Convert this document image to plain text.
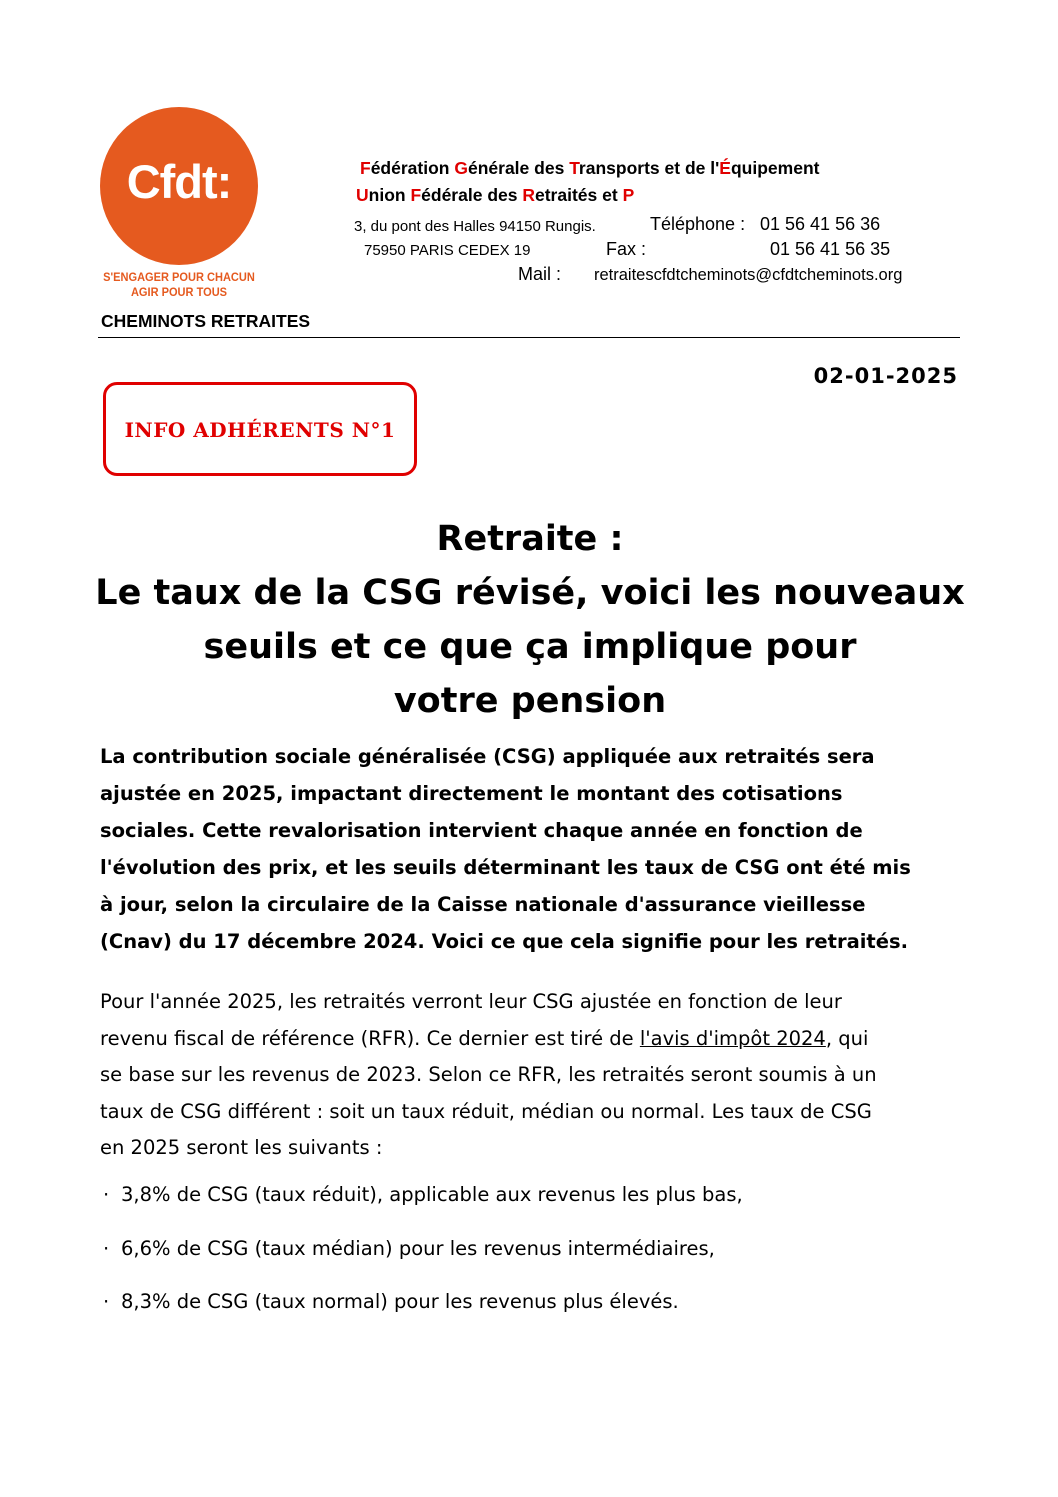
Cfdt:
S'ENGAGER POUR CHACUN
AGIR POUR TOUS
Fédération Générale des Transports et de l'Équipement
Union Fédérale des Retraités et P
3, du pont des Halles 94150 Rungis.	Téléphone : 01 56 41 56 36
75950 PARIS CEDEX 19	Fax :	01 56 41 56 35
Mail : retraitescfdtcheminots@cfdtcheminots.org
CHEMINOTS RETRAITES
02-01-2025
INFO ADHÉRENTS N°1
Retraite :
Le taux de la CSG révisé, voici les nouveaux
seuils et ce que ça implique pour
votre pension
La contribution sociale généralisée (CSG) appliquée aux retraités sera
ajustée en 2025, impactant directement le montant des cotisations
sociales. Cette revalorisation intervient chaque année en fonction de
l'évolution des prix, et les seuils déterminant les taux de CSG ont été mis
à jour, selon la circulaire de la Caisse nationale d'assurance vieillesse
(Cnav) du 17 décembre 2024. Voici ce que cela signifie pour les retraités.
Pour l'année 2025, les retraités verront leur CSG ajustée en fonction de leur
revenu fiscal de référence (RFR). Ce dernier est tiré de l'avis d'impôt 2024, qui
se base sur les revenus de 2023. Selon ce RFR, les retraités seront soumis à un
taux de CSG différent : soit un taux réduit, médian ou normal. Les taux de CSG
en 2025 seront les suivants :
· 3,8% de CSG (taux réduit), applicable aux revenus les plus bas,
· 6,6% de CSG (taux médian) pour les revenus intermédiaires,
· 8,3% de CSG (taux normal) pour les revenus plus élevés.
